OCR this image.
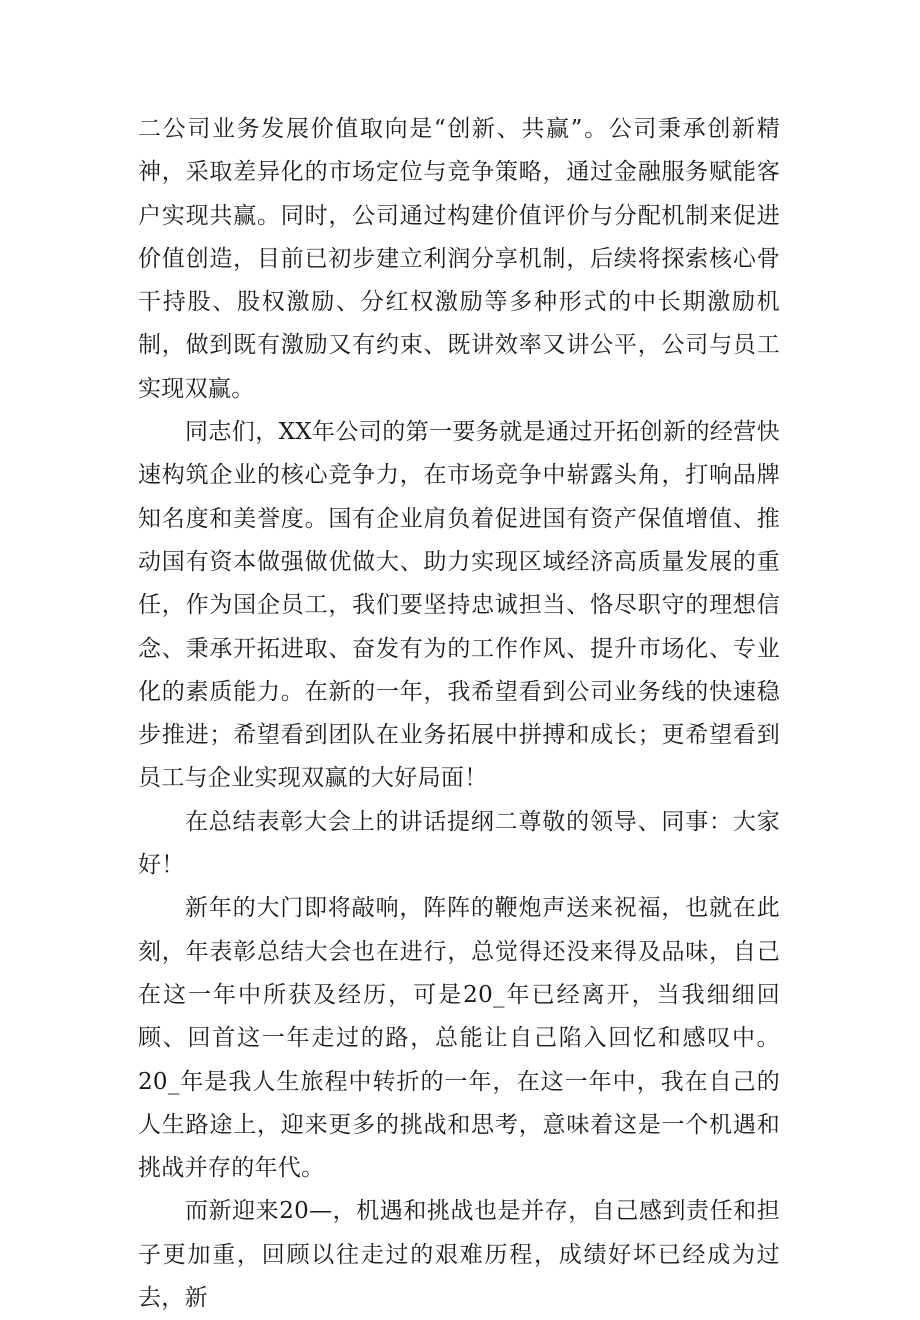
二公司业务发展价值取向是“创新、共赢”。公司秉承创新精神，采取差异化的市场定位与竞争策略，通过金融服务赋能客户实现共赢。同时，公司通过构建价值评价与分配机制来促进价值创造，目前已初步建立利润分享机制，后续将探索核心骨干持股、股权激励、分红权激励等多种形式的中长期激励机制，做到既有激励又有约束、既讲效率又讲公平，公司与员工实现双赢。

同志们，XX年公司的第一要务就是通过开拓创新的经营快速构筑企业的核心竞争力，在市场竞争中崭露头角，打响品牌知名度和美誉度。国有企业肩负着促进国有资产保值增值、推动国有资本做强做优做大、助力实现区域经济高质量发展的重任，作为国企员工，我们要坚持忠诚担当、恪尽职守的理想信念、秉承开拓进取、奋发有为的工作作风、提升市场化、专业化的素质能力。在新的一年，我希望看到公司业务线的快速稳步推进；希望看到团队在业务拓展中拼搏和成长；更希望看到员工与企业实现双赢的大好局面！

在总结表彰大会上的讲话提纲二尊敬的领导、同事：大家好！

新年的大门即将敲响，阵阵的鞭炮声送来祝福，也就在此刻，年表彰总结大会也在进行，总觉得还没来得及品味，自己在这一年中所获及经历，可是20_年已经离开，当我细细回顾、回首这一年走过的路，总能让自己陷入回忆和感叹中。20_年是我人生旅程中转折的一年，在这一年中，我在自己的人生路途上，迎来更多的挑战和思考，意味着这是一个机遇和挑战并存的年代。

而新迎来20—，机遇和挑战也是并存，自己感到责任和担子更加重，回顾以往走过的艰难历程，成绩好坏已经成为过去，新
